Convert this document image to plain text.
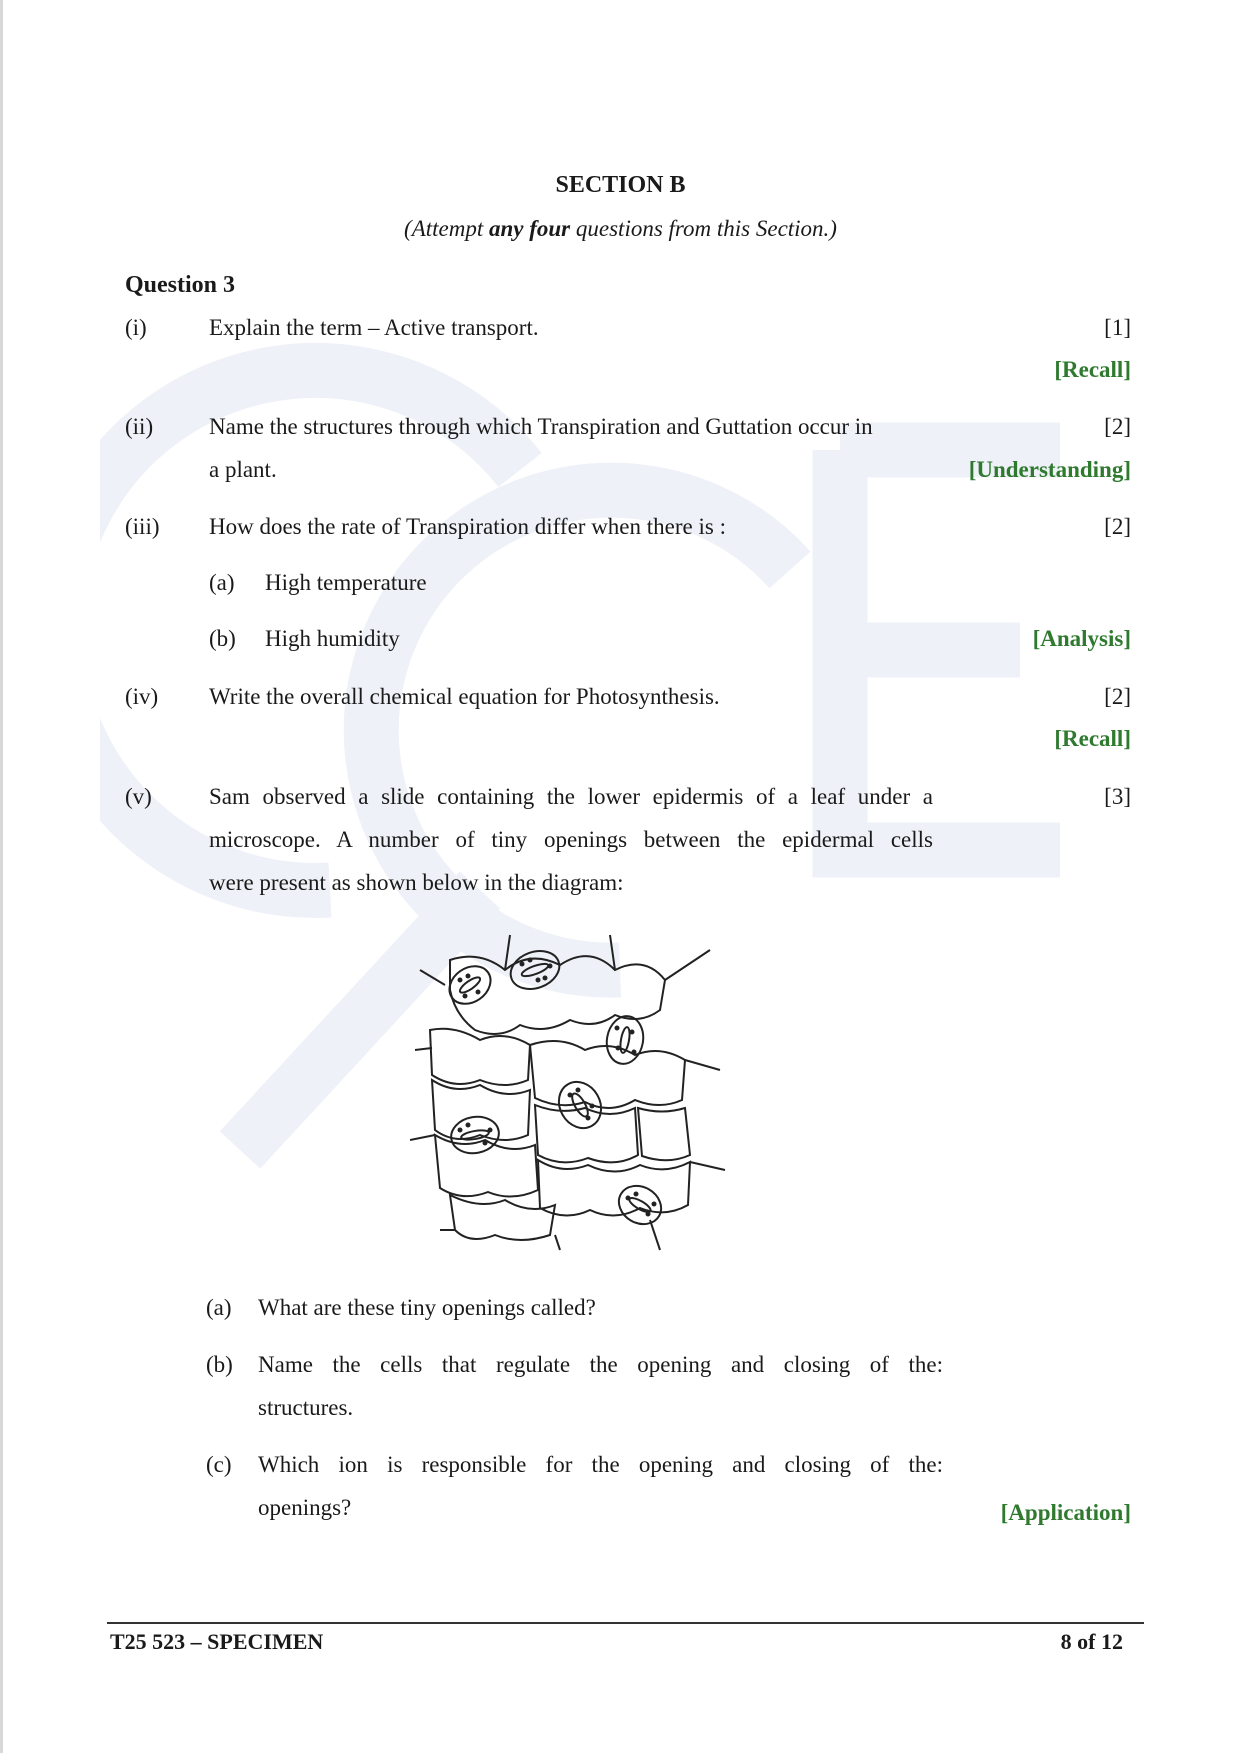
SECTION B
(Attempt any four questions from this Section.)
Question 3
(i)	Explain the term – Active transport.	[1]
[Recall]
(ii) Name the structures through which Transpiration and Guttation occur in
a plant.
[2]
[Understanding]
(iii) How does the rate of Transpiration differ when there is :	[2]
(a) High temperature
(b) High humidity	[Analysis]
(iv) Write the overall chemical equation for Photosynthesis.	[2]
[Recall]
(v) Sam observed a slide containing the lower epidermis of a leaf under a
microscope. A number of tiny openings between the epidermal cells
were present as shown below in the diagram:
[3]
(a) What are these tiny openings called?
(b) Name the cells that regulate the opening and closing of the:
structures.
(c) Which ion is responsible for the opening and closing of the:
openings?	[Application]
T25 523 – SPECIMEN	8 of 12
